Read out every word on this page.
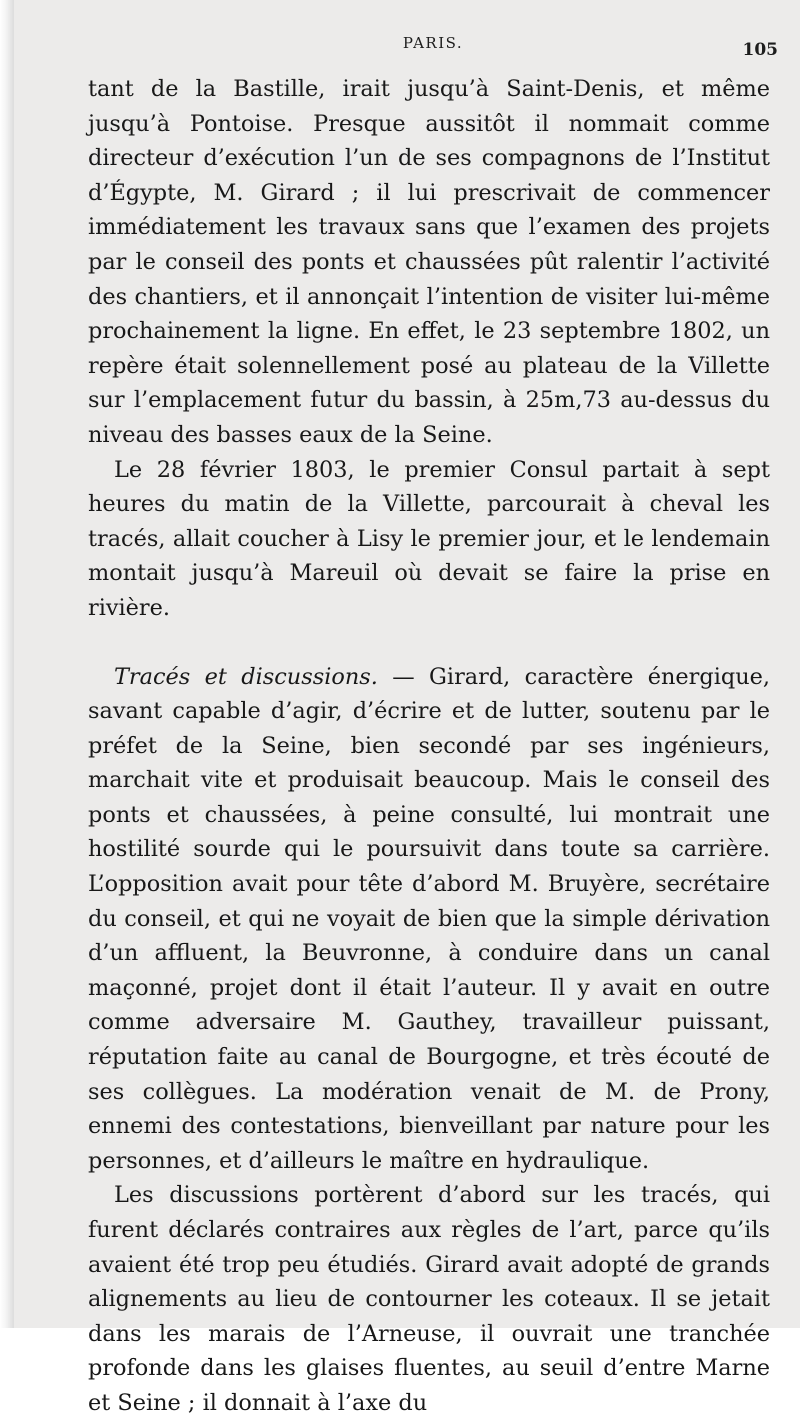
PARIS.	105

tant de la Bastille, irait jusqu’à Saint-Denis, et même jusqu’à Pontoise. Presque aussitôt il nommait comme directeur d’exécution l’un de ses compagnons de l’Institut d’Égypte, M. Girard ; il lui prescrivait de commencer immédiatement les travaux sans que l’examen des projets par le conseil des ponts et chaussées pût ralentir l’activité des chantiers, et il annonçait l’intention de visiter lui-même prochainement la ligne. En effet, le 23 septembre 1802, un repère était solennellement posé au plateau de la Villette sur l’emplacement futur du bassin, à 25m,73 au-dessus du niveau des basses eaux de la Seine.

Le 28 février 1803, le premier Consul partait à sept heures du matin de la Villette, parcourait à cheval les tracés, allait coucher à Lisy le premier jour, et le lendemain montait jusqu’à Mareuil où devait se faire la prise en rivière.

Tracés et discussions. — Girard, caractère énergique, savant capable d’agir, d’écrire et de lutter, soutenu par le préfet de la Seine, bien secondé par ses ingénieurs, marchait vite et produisait beaucoup. Mais le conseil des ponts et chaussées, à peine consulté, lui montrait une hostilité sourde qui le poursuivit dans toute sa carrière. L’opposition avait pour tête d’abord M. Bruyère, secrétaire du conseil, et qui ne voyait de bien que la simple dérivation d’un affluent, la Beuvronne, à conduire dans un canal maçonné, projet dont il était l’auteur. Il y avait en outre comme adversaire M. Gauthey, travailleur puissant, réputation faite au canal de Bourgogne, et très écouté de ses collègues. La modération venait de M. de Prony, ennemi des contestations, bienveillant par nature pour les personnes, et d’ailleurs le maître en hydraulique.

Les discussions portèrent d’abord sur les tracés, qui furent déclarés contraires aux règles de l’art, parce qu’ils avaient été trop peu étudiés. Girard avait adopté de grands alignements au lieu de contourner les coteaux. Il se jetait dans les marais de l’Arneuse, il ouvrait une tranchée profonde dans les glaises fluentes, au seuil d’entre Marne et Seine ; il donnait à l’axe du
